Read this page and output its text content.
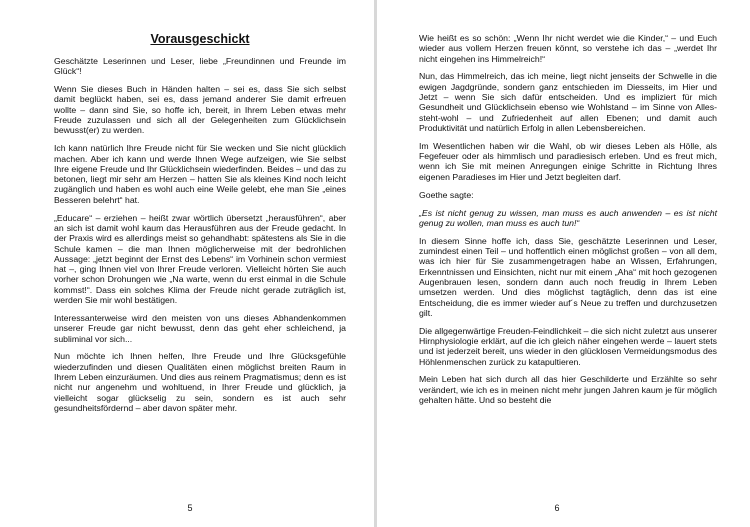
Vorausgeschickt

Geschätzte Leserinnen und Leser, liebe „Freundinnen und Freunde im Glück“!

Wenn Sie dieses Buch in Händen halten – sei es, dass Sie sich selbst damit beglückt haben, sei es, dass jemand anderer Sie damit erfreuen wollte – dann sind Sie, so hoffe ich, bereit, in Ihrem Leben etwas mehr Freude zuzulassen und sich all der Gelegenheiten zum Glücklichsein bewusst(er) zu werden.

Ich kann natürlich Ihre Freude nicht für Sie wecken und Sie nicht glücklich machen. Aber ich kann und werde Ihnen Wege aufzeigen, wie Sie selbst Ihre eigene Freude und Ihr Glücklichsein wiederfinden. Beides – und das zu betonen, liegt mir sehr am Herzen – hatten Sie als kleines Kind noch leicht zugänglich und haben es wohl auch eine Weile gelebt, ehe man Sie „eines Besseren belehrt“ hat.

„Educare“ – erziehen – heißt zwar wörtlich übersetzt „herausführen“, aber an sich ist damit wohl kaum das Herausführen aus der Freude gedacht. In der Praxis wird es allerdings meist so gehandhabt: spätestens als Sie in die Schule kamen – die man Ihnen möglicherweise mit der bedrohlichen Aussage: „jetzt beginnt der Ernst des Lebens“ im Vorhinein schon vermiest hat –, ging Ihnen viel von Ihrer Freude verloren. Vielleicht hörten Sie auch vorher schon Drohungen wie „Na warte, wenn du erst einmal in die Schule kommst!“. Dass ein solches Klima der Freude nicht gerade zuträglich ist, werden Sie mir wohl bestätigen.

Interessanterweise wird den meisten von uns dieses Abhandenkommen unserer Freude gar nicht bewusst, denn das geht eher schleichend, ja subliminal vor sich...

Nun möchte ich Ihnen helfen, Ihre Freude und Ihre Glücksgefühle wiederzufinden und diesen Qualitäten einen möglichst breiten Raum in Ihrem Leben einzuräumen. Und dies aus reinem Pragmatismus; denn es ist nicht nur angenehm und wohltuend, in Ihrer Freude und glücklich, ja vielleicht sogar glückselig zu sein, sondern es ist auch sehr gesundheitsfördernd – aber davon später mehr.

5

Wie heißt es so schön: „Wenn Ihr nicht werdet wie die Kinder,“ – und Euch wieder aus vollem Herzen freuen könnt, so verstehe ich das – „werdet Ihr nicht eingehen ins Himmelreich!“

Nun, das Himmelreich, das ich meine, liegt nicht jenseits der Schwelle in die ewigen Jagdgründe, sondern ganz entschieden im Diesseits, im Hier und Jetzt – wenn Sie sich dafür entscheiden. Und es impliziert für mich Gesundheit und Glücklichsein ebenso wie Wohlstand – im Sinne von Alles-steht-wohl – und Zufriedenheit auf allen Ebenen; und damit auch Produktivität und natürlich Erfolg in allen Lebensbereichen.

Im Wesentlichen haben wir die Wahl, ob wir dieses Leben als Hölle, als Fegefeuer oder als himmlisch und paradiesisch erleben. Und es freut mich, wenn ich Sie mit meinen Anregungen einige Schritte in Richtung Ihres eigenen Paradieses im Hier und Jetzt begleiten darf.

Goethe sagte:

„Es ist nicht genug zu wissen, man muss es auch anwenden – es ist nicht genug zu wollen, man muss es auch tun!“

In diesem Sinne hoffe ich, dass Sie, geschätzte Leserinnen und Leser, zumindest einen Teil – und hoffentlich einen möglichst großen – von all dem, was ich hier für Sie zusammengetragen habe an Wissen, Erfahrungen, Erkenntnissen und Einsichten, nicht nur mit einem „Aha“ mit hoch gezogenen Augenbrauen lesen, sondern dann auch noch freudig in Ihrem Leben umsetzen werden. Und dies möglichst tagtäglich, denn das ist eine Entscheidung, die es immer wieder auf´s Neue zu treffen und durchzusetzen gilt.

Die allgegenwärtige Freuden-Feindlichkeit – die sich nicht zuletzt aus unserer Hirnphysiologie erklärt, auf die ich gleich näher eingehen werde – lauert stets und ist jederzeit bereit, uns wieder in den glücklosen Vermeidungsmodus des Höhlenmenschen zurück zu katapultieren.

Mein Leben hat sich durch all das hier Geschilderte und Erzählte so sehr verändert, wie ich es in meinen nicht mehr jungen Jahren kaum je für möglich gehalten hätte. Und so besteht die

6
